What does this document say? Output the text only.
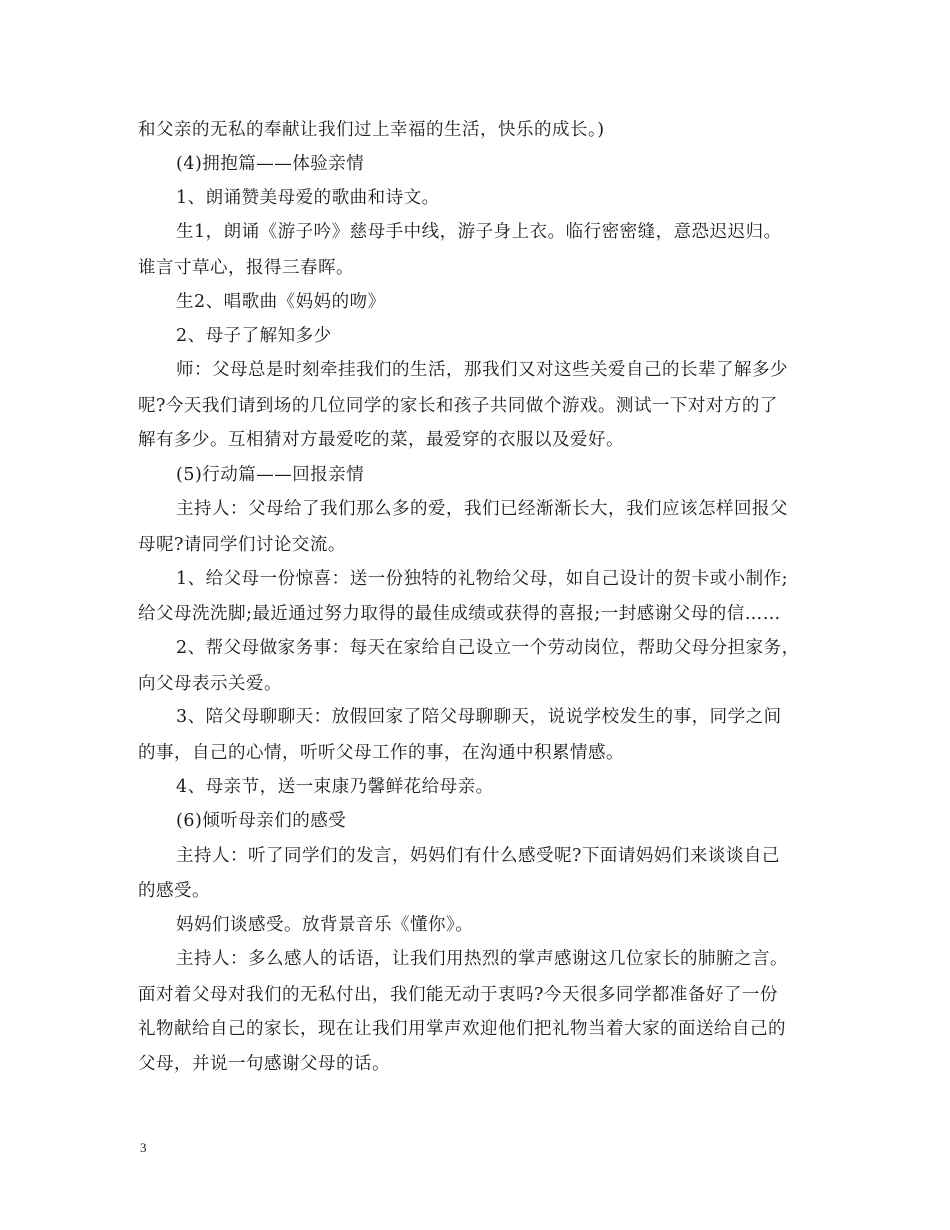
和父亲的无私的奉献让我们过上幸福的生活，快乐的成长。)
(4)拥抱篇——体验亲情
1、朗诵赞美母爱的歌曲和诗文。
生1，朗诵《游子吟》慈母手中线，游子身上衣。临行密密缝，意恐迟迟归。
谁言寸草心，报得三春晖。
生2、唱歌曲《妈妈的吻》
2、母子了解知多少
师：父母总是时刻牵挂我们的生活，那我们又对这些关爱自己的长辈了解多少
呢?今天我们请到场的几位同学的家长和孩子共同做个游戏。测试一下对对方的了
解有多少。互相猜对方最爱吃的菜，最爱穿的衣服以及爱好。
(5)行动篇——回报亲情
主持人：父母给了我们那么多的爱，我们已经渐渐长大，我们应该怎样回报父
母呢?请同学们讨论交流。
1、给父母一份惊喜：送一份独特的礼物给父母，如自己设计的贺卡或小制作;
给父母洗洗脚;最近通过努力取得的最佳成绩或获得的喜报;一封感谢父母的信……
2、帮父母做家务事：每天在家给自己设立一个劳动岗位，帮助父母分担家务，
向父母表示关爱。
3、陪父母聊聊天：放假回家了陪父母聊聊天，说说学校发生的事，同学之间
的事，自己的心情，听听父母工作的事，在沟通中积累情感。
4、母亲节，送一束康乃馨鲜花给母亲。
(6)倾听母亲们的感受
主持人：听了同学们的发言，妈妈们有什么感受呢?下面请妈妈们来谈谈自己
的感受。
妈妈们谈感受。放背景音乐《懂你》。
主持人：多么感人的话语，让我们用热烈的掌声感谢这几位家长的肺腑之言。
面对着父母对我们的无私付出，我们能无动于衷吗?今天很多同学都准备好了一份
礼物献给自己的家长，现在让我们用掌声欢迎他们把礼物当着大家的面送给自己的
父母，并说一句感谢父母的话。
3
